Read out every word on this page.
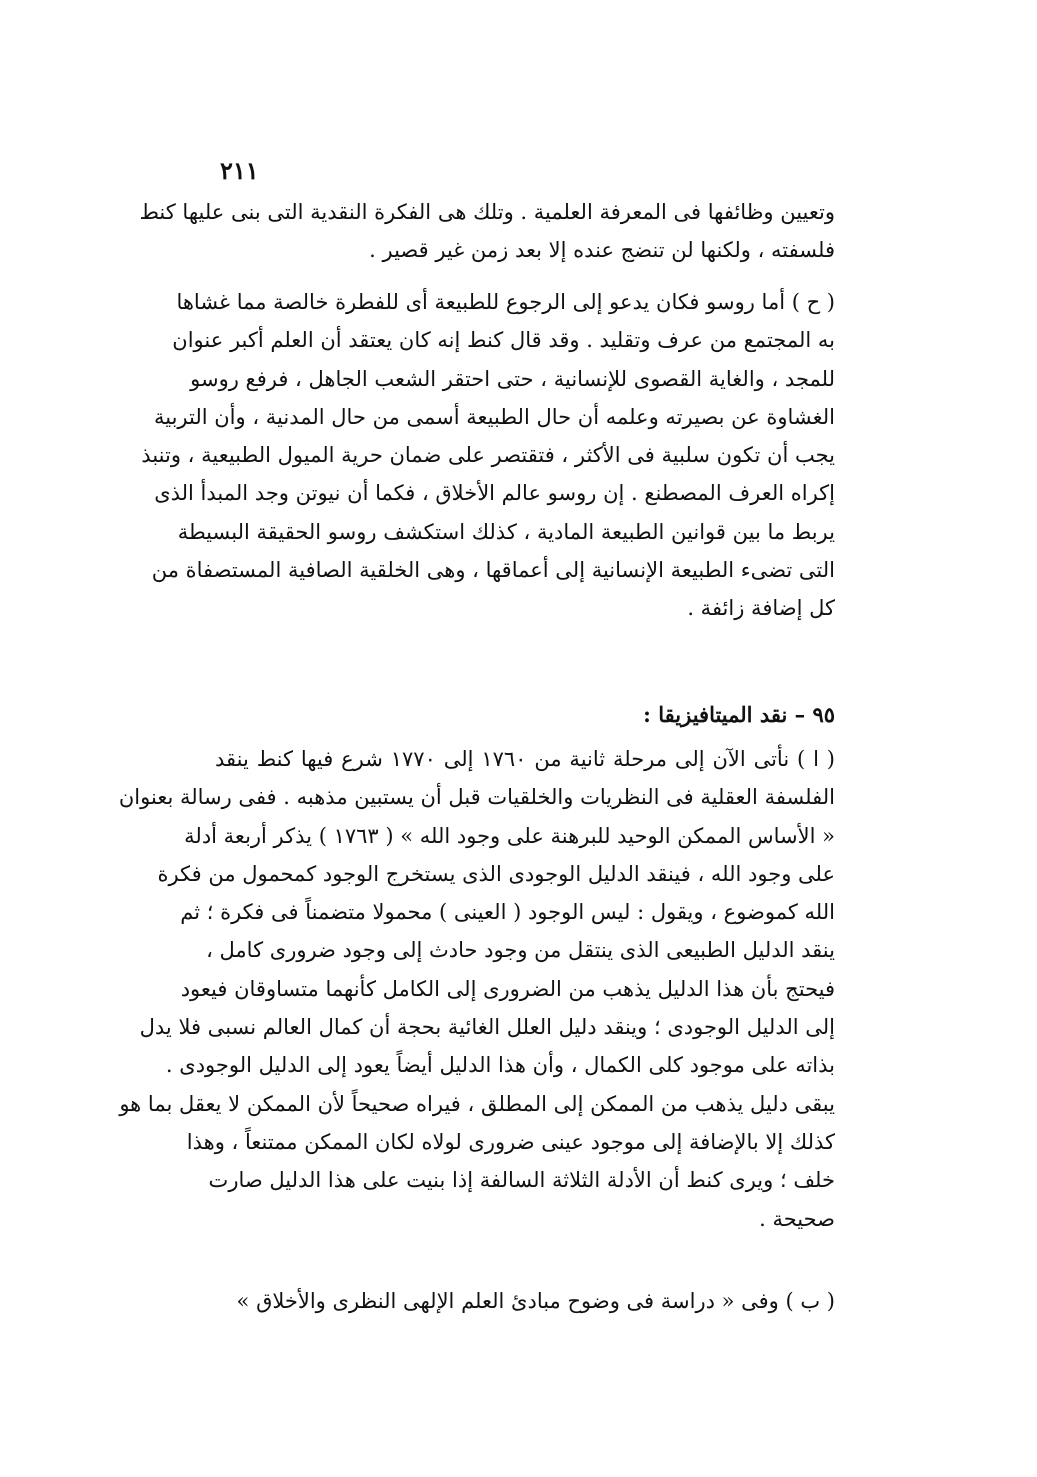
٢١١
وتعيين وظائفها فى المعرفة العلمية . وتلك هى الفكرة النقدية التى بنى عليها كنط
فلسفته ، ولكنها لن تنضج عنده إلا بعد زمن غير قصير .
( ح ) أما روسو فكان يدعو إلى الرجوع للطبيعة أى للفطرة خالصة مما غشاها
به المجتمع من عرف وتقليد . وقد قال كنط إنه كان يعتقد أن العلم أكبر عنوان
للمجد ، والغاية القصوى للإنسانية ، حتى احتقر الشعب الجاهل ، فرفع روسو
الغشاوة عن بصيرته وعلمه أن حال الطبيعة أسمى من حال المدنية ، وأن التربية
يجب أن تكون سلبية فى الأكثر ، فتقتصر على ضمان حرية الميول الطبيعية ، وتنبذ
إكراه العرف المصطنع . إن روسو عالم الأخلاق ، فكما أن نيوتن وجد المبدأ الذى
يربط ما بين قوانين الطبيعة المادية ، كذلك استكشف روسو الحقيقة البسيطة
التى تضىء الطبيعة الإنسانية إلى أعماقها ، وهى الخلقية الصافية المستصفاة من
كل إضافة زائفة .
٩٥ – نقد الميتافيزيقا :
( ا ) نأتى الآن إلى مرحلة ثانية من ١٧٦٠ إلى ١٧٧٠ شرع فيها كنط ينقد
الفلسفة العقلية فى النظريات والخلقيات قبل أن يستبين مذهبه . ففى رسالة بعنوان
« الأساس الممكن الوحيد للبرهنة على وجود الله » ( ١٧٦٣ ) يذكر أربعة أدلة
على وجود الله ، فينقد الدليل الوجودى الذى يستخرج الوجود كمحمول من فكرة
الله كموضوع ، ويقول : ليس الوجود ( العينى ) محمولا متضمناً فى فكرة ؛ ثم
ينقد الدليل الطبيعى الذى ينتقل من وجود حادث إلى وجود ضرورى كامل ،
فيحتج بأن هذا الدليل يذهب من الضرورى إلى الكامل كأنهما متساوقان فيعود
إلى الدليل الوجودى ؛ وينقد دليل العلل الغائية بحجة أن كمال العالم نسبى فلا يدل
بذاته على موجود كلى الكمال ، وأن هذا الدليل أيضاً يعود إلى الدليل الوجودى .
يبقى دليل يذهب من الممكن إلى المطلق ، فيراه صحيحاً لأن الممكن لا يعقل بما هو
كذلك إلا بالإضافة إلى موجود عينى ضرورى لولاه لكان الممكن ممتنعاً ، وهذا
خلف ؛ ويرى كنط أن الأدلة الثلاثة السالفة إذا بنيت على هذا الدليل صارت
صحيحة .
( ب ) وفى « دراسة فى وضوح مبادئ العلم الإلهى النظرى والأخلاق »
